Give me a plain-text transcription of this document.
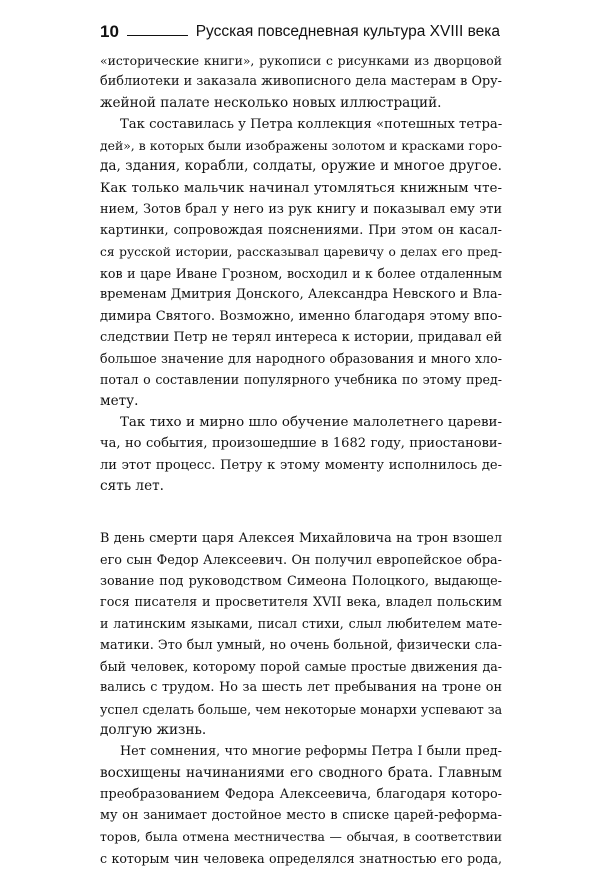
10	Русская повседневная культура XVIII века
«исторические книги», рукописи с рисунками из дворцовой
библиотеки и заказала живописного дела мастерам в Ору-
жейной палате несколько новых иллюстраций.
Так составилась у Петра коллекция «потешных тетра-
дей», в которых были изображены золотом и красками горо-
да, здания, корабли, солдаты, оружие и многое другое.
Как только мальчик начинал утомляться книжным чте-
нием, Зотов брал у него из рук книгу и показывал ему эти
картинки, сопровождая пояснениями. При этом он касал-
ся русской истории, рассказывал царевичу о делах его пред-
ков и царе Иване Грозном, восходил и к более отдаленным
временам Дмитрия Донского, Александра Невского и Вла-
димира Святого. Возможно, именно благодаря этому впо-
следствии Петр не терял интереса к истории, придавал ей
большое значение для народного образования и много хло-
потал о составлении популярного учебника по этому пред-
мету.
Так тихо и мирно шло обучение малолетнего цареви-
ча, но события, произошедшие в 1682 году, приостанови-
ли этот процесс. Петру к этому моменту исполнилось де-
сять лет.
В день смерти царя Алексея Михайловича на трон взошел
его сын Федор Алексеевич. Он получил европейское обра-
зование под руководством Симеона Полоцкого, выдающе-
гося писателя и просветителя XVII века, владел польским
и латинским языками, писал стихи, слыл любителем мате-
матики. Это был умный, но очень больной, физически сла-
бый человек, которому порой самые простые движения да-
вались с трудом. Но за шесть лет пребывания на троне он
успел сделать больше, чем некоторые монархи успевают за
долгую жизнь.
Нет сомнения, что многие реформы Петра I были пред-
восхищены начинаниями его сводного брата. Главным
преобразованием Федора Алексеевича, благодаря которо-
му он занимает достойное место в списке царей-реформа-
торов, была отмена местничества — обычая, в соответствии
с которым чин человека определялся знатностью его рода,
